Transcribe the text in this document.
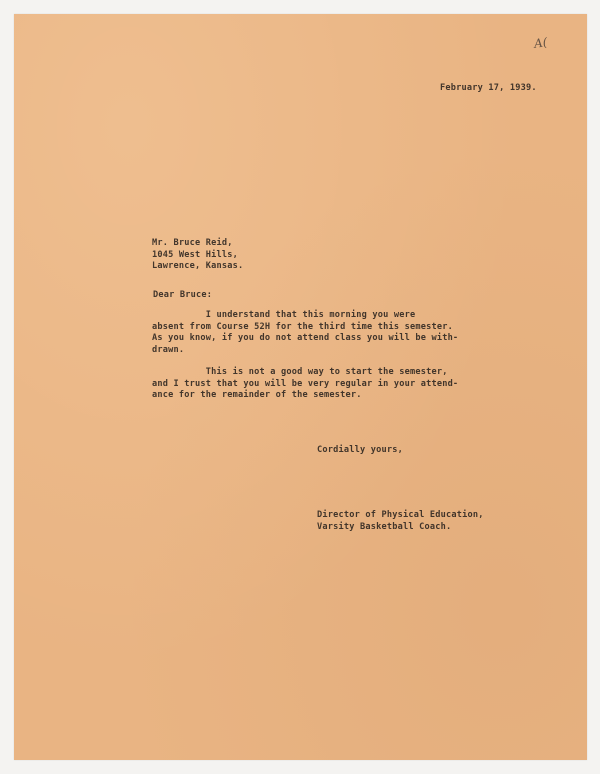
A(
February 17, 1939.
Mr. Bruce Reid,
1045 West Hills,
Lawrence, Kansas.
Dear Bruce:
I understand that this morning you were
absent from Course 52H for the third time this semester.
As you know, if you do not attend class you will be with-
drawn.
This is not a good way to start the semester,
and I trust that you will be very regular in your attend-
ance for the remainder of the semester.
Cordially yours,
Director of Physical Education,
Varsity Basketball Coach.
